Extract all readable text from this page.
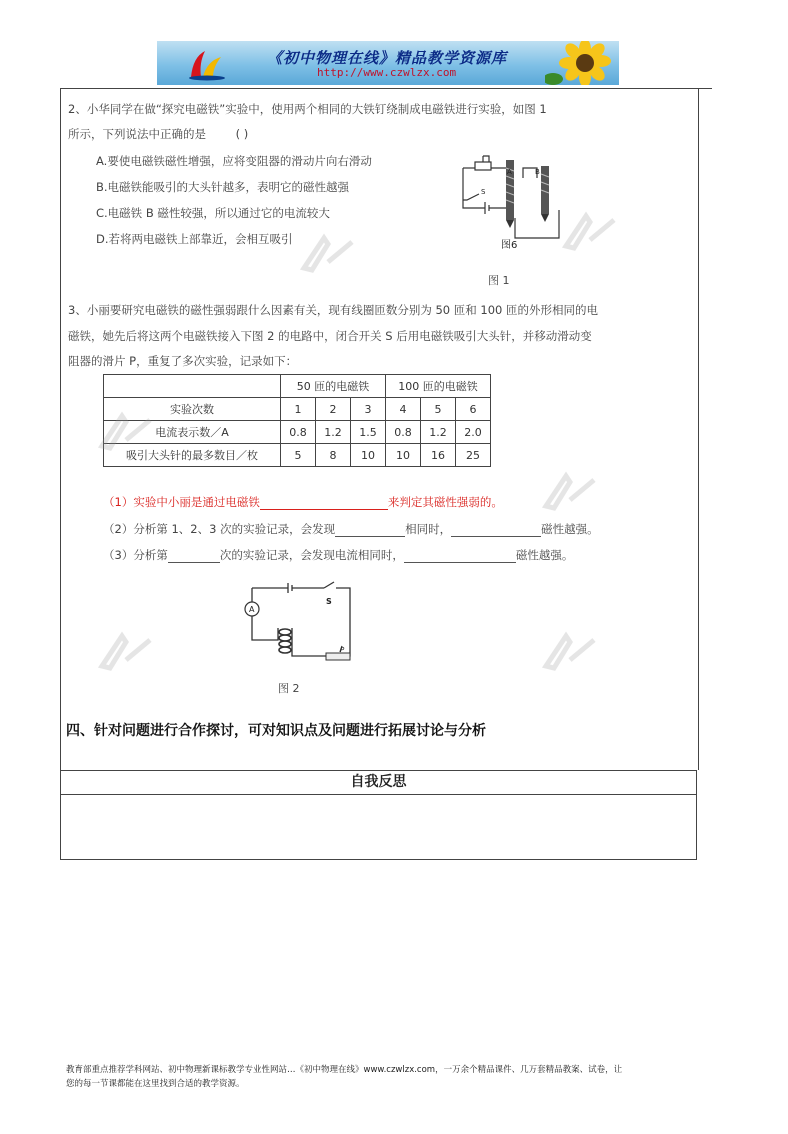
《初中物理在线》精品教学资源库
http://www.czwlzx.com
2、小华同学在做“探究电磁铁”实验中，使用两个相同的大铁钉绕制成电磁铁进行实验，如图 1
所示，下列说法中正确的是	( )
A.要使电磁铁磁性增强，应将变阻器的滑动片向右滑动
B.电磁铁能吸引的大头针越多，表明它的磁性越强
C.电磁铁 B 磁性较强，所以通过它的电流较大
D.若将两电磁铁上部靠近，会相互吸引
A	B
S
图6
图 1
3、小丽要研究电磁铁的磁性强弱跟什么因素有关，现有线圈匝数分别为 50 匝和 100 匝的外形相同的电
磁铁，她先后将这两个电磁铁接入下图 2 的电路中，闭合开关 S 后用电磁铁吸引大头针，并移动滑动变
阻器的滑片 P，重复了多次实验，记录如下：
	50 匝的电磁铁			100 匝的电磁铁		
实验次数	1	2	3	4	5	6
电流表示数／A	0.8	1.2	1.5	0.8	1.2	2.0
吸引大头针的最多数目／枚	5	8	10	10	16	25
（1）实验中小丽是通过电磁铁	来判定其磁性强弱的。
（2）分析第 1、2、3 次的实验记录，会发现	相同时，	磁性越强。
（3）分析第	次的实验记录，会发现电流相同时，	磁性越强。
A
S
P
图 2
四、针对问题进行合作探讨，可对知识点及问题进行拓展讨论与分析
自我反思
教育部重点推荐学科网站、初中物理新课标教学专业性网站…《初中物理在线》www.czwlzx.com，一万余个精品课件、几万套精品教案、试卷，让
您的每一节课都能在这里找到合适的教学资源。
